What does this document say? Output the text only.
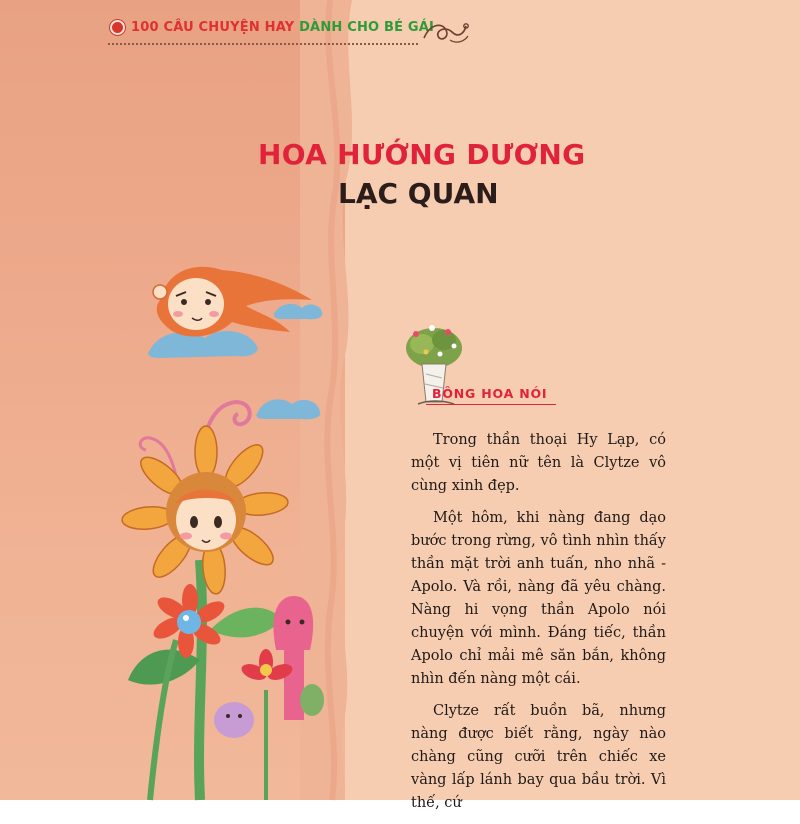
100 CÂU CHUYỆN HAY DÀNH CHO BÉ GÁI
HOA HƯỚNG DƯƠNG
LẠC QUAN
BÔNG HOA NÓI

Trong thần thoại Hy Lạp, có một vị tiên nữ tên là Clytze vô cùng xinh đẹp.

Một hôm, khi nàng đang dạo bước trong rừng, vô tình nhìn thấy thần mặt trời anh tuấn, nho nhã - Apolo. Và rồi, nàng đã yêu chàng. Nàng hi vọng thần Apolo nói chuyện với mình. Đáng tiếc, thần Apolo chỉ mải mê săn bắn, không nhìn đến nàng một cái.

Clytze rất buồn bã, nhưng nàng được biết rằng, ngày nào chàng cũng cưỡi trên chiếc xe vàng lấp lánh bay qua bầu trời. Vì thế, cứ
